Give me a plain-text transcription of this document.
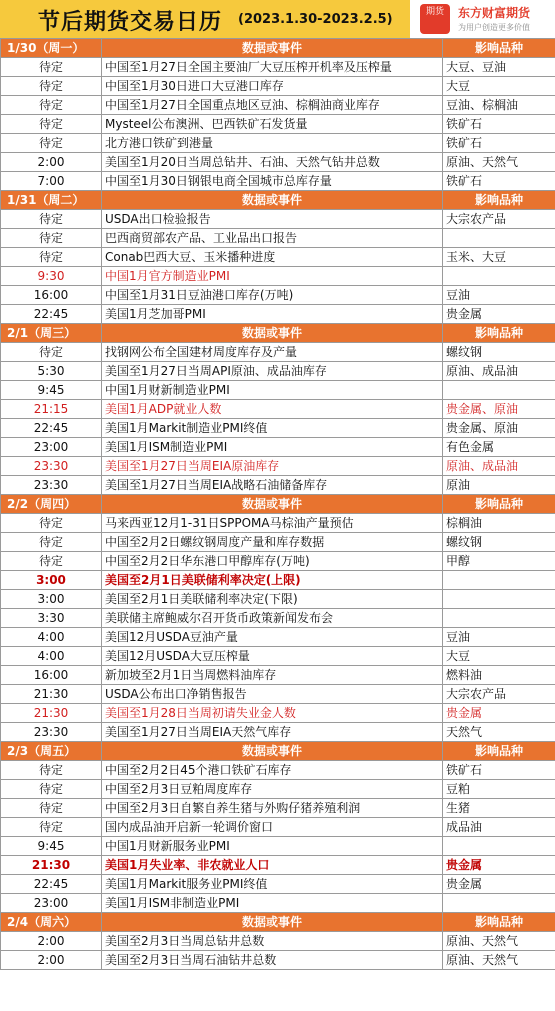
节后期货交易日历 (2023.1.30-2023.2.5)	期货	东方财富期货
为用户创造更多价值
1/30（周一）	数据或事件	影响品种
待定	中国至1月27日全国主要油厂大豆压榨开机率及压榨量	大豆、豆油
待定	中国至1月30日进口大豆港口库存	大豆
待定	中国至1月27日全国重点地区豆油、棕榈油商业库存	豆油、棕榈油
待定	Mysteel公布澳洲、巴西铁矿石发货量	铁矿石
待定	北方港口铁矿到港量	铁矿石
2:00	美国至1月20日当周总钻井、石油、天然气钻井总数	原油、天然气
7:00	中国至1月30日钢银电商全国城市总库存量	铁矿石
1/31（周二）	数据或事件	影响品种
待定	USDA出口检验报告	大宗农产品
待定	巴西商贸部农产品、工业品出口报告	
待定	Conab巴西大豆、玉米播种进度	玉米、大豆
9:30	中国1月官方制造业PMI	
16:00	中国至1月31日豆油港口库存(万吨)	豆油
22:45	美国1月芝加哥PMI	贵金属
2/1（周三）	数据或事件	影响品种
待定	找钢网公布全国建材周度库存及产量	螺纹钢
5:30	美国至1月27日当周API原油、成品油库存	原油、成品油
9:45	中国1月财新制造业PMI	
21:15	美国1月ADP就业人数	贵金属、原油
22:45	美国1月Markit制造业PMI终值	贵金属、原油
23:00	美国1月ISM制造业PMI	有色金属
23:30	美国至1月27日当周EIA原油库存	原油、成品油
23:30	美国至1月27日当周EIA战略石油储备库存	原油
2/2（周四）	数据或事件	影响品种
待定	马来西亚12月1-31日SPPOMA马棕油产量预估	棕榈油
待定	中国至2月2日螺纹钢周度产量和库存数据	螺纹钢
待定	中国至2月2日华东港口甲醇库存(万吨)	甲醇
3:00	美国至2月1日美联储利率决定(上限)	
3:00	美国至2月1日美联储利率决定(下限)	
3:30	美联储主席鲍威尔召开货币政策新闻发布会	
4:00	美国12月USDA豆油产量	豆油
4:00	美国12月USDA大豆压榨量	大豆
16:00	新加坡至2月1日当周燃料油库存	燃料油
21:30	USDA公布出口净销售报告	大宗农产品
21:30	美国至1月28日当周初请失业金人数	贵金属
23:30	美国至1月27日当周EIA天然气库存	天然气
2/3（周五）	数据或事件	影响品种
待定	中国至2月2日45个港口铁矿石库存	铁矿石
待定	中国至2月3日豆粕周度库存	豆粕
待定	中国至2月3日自繁自养生猪与外购仔猪养殖利润	生猪
待定	国内成品油开启新一轮调价窗口	成品油
9:45	中国1月财新服务业PMI	
21:30	美国1月失业率、非农就业人口	贵金属
22:45	美国1月Markit服务业PMI终值	贵金属
23:00	美国1月ISM非制造业PMI	
2/4（周六）	数据或事件	影响品种
2:00	美国至2月3日当周总钻井总数	原油、天然气
2:00	美国至2月3日当周石油钻井总数	原油、天然气
